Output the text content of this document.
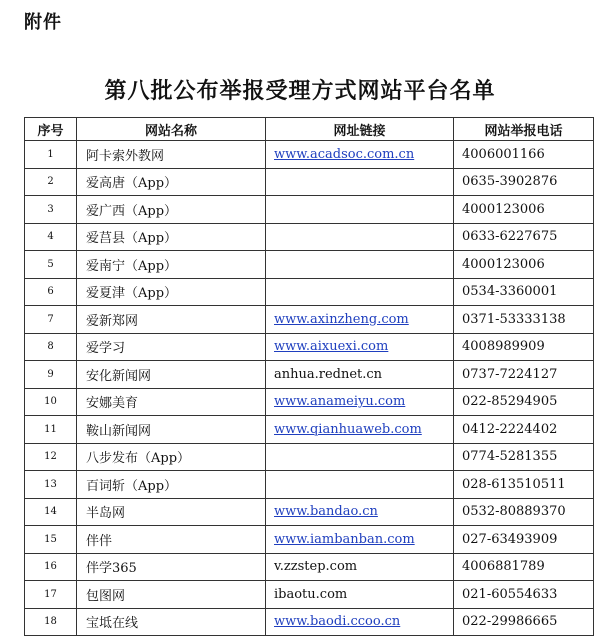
附件
第八批公布举报受理方式网站平台名单
序号	网站名称	网址链接	网站举报电话
1	阿卡索外教网	www.acadsoc.com.cn	4006001166
2	爱高唐（App）		0635-3902876
3	爱广西（App）		4000123006
4	爱莒县（App）		0633-6227675
5	爱南宁（App）		4000123006
6	爱夏津（App）		0534-3360001
7	爱新郑网	www.axinzheng.com	0371-53333138
8	爱学习	www.aixuexi.com	4008989909
9	安化新闻网	anhua.rednet.cn	0737-7224127
10	安娜美育	www.anameiyu.com	022-85294905
11	鞍山新闻网	www.qianhuaweb.com	0412-2224402
12	八步发布（App）		0774-5281355
13	百词斩（App）		028-613510511
14	半岛网	www.bandao.cn	0532-80889370
15	伴伴	www.iambanban.com	027-63493909
16	伴学365	v.zzstep.com	4006881789
17	包图网	ibaotu.com	021-60554633
18	宝坻在线	www.baodi.ccoo.cn	022-29986665
